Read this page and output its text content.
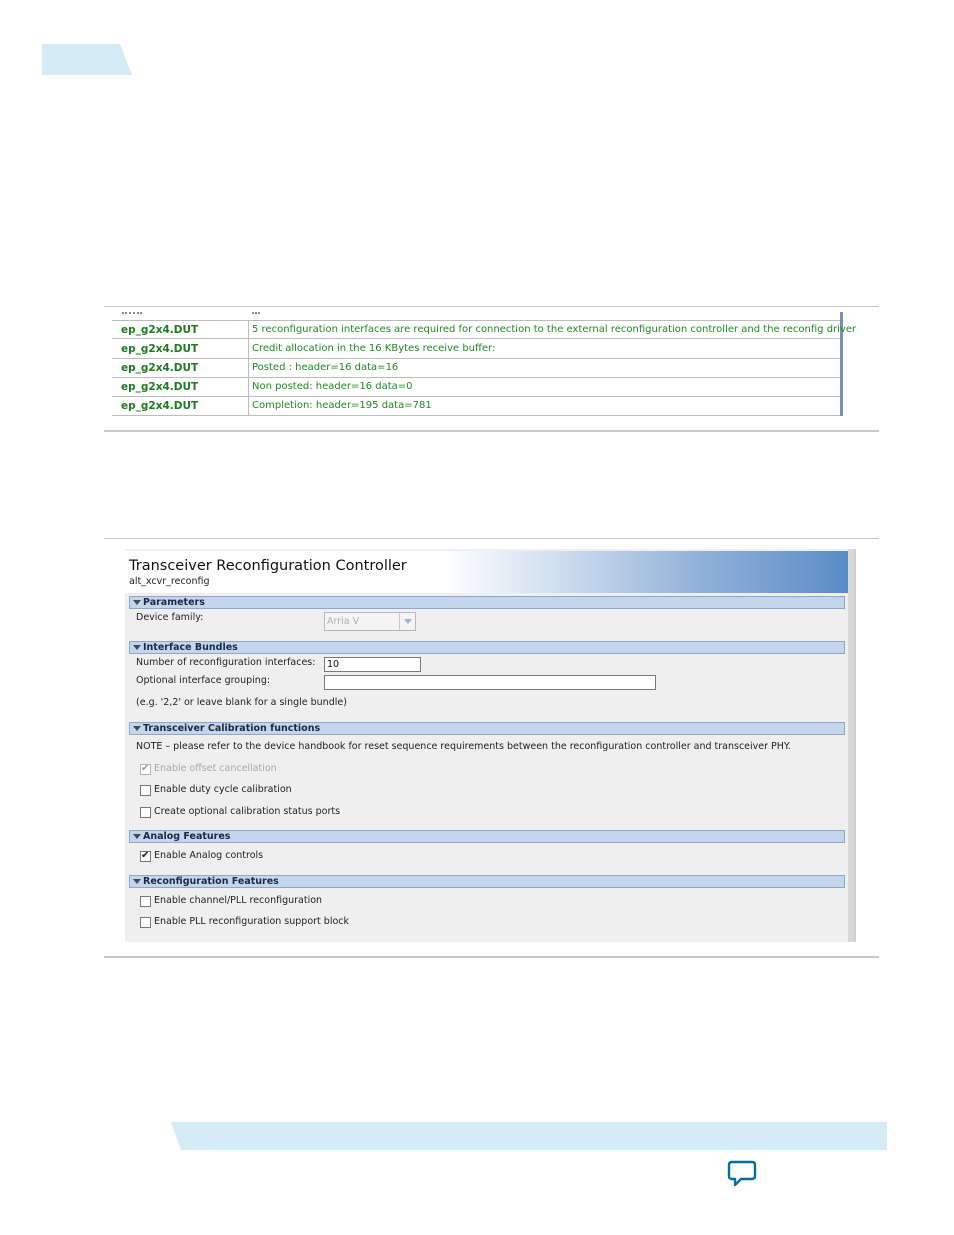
ep_g2x4.DUT	5 reconfiguration interfaces are required for connection to the external reconfiguration controller and the reconfig driver
ep_g2x4.DUT	Credit allocation in the 16 KBytes receive buffer:
ep_g2x4.DUT	Posted : header=16 data=16
ep_g2x4.DUT	Non posted: header=16 data=0
ep_g2x4.DUT	Completion: header=195 data=781
Transceiver Reconfiguration Controller
alt_xcvr_reconfig
Parameters
Device family:	Arria V
Interface Bundles
Number of reconfiguration interfaces:	10
Optional interface grouping:
(e.g. '2,2' or leave blank for a single bundle)
Transceiver Calibration functions
NOTE – please refer to the device handbook for reset sequence requirements between the reconfiguration controller and transceiver PHY.
✔ Enable offset cancellation
Enable duty cycle calibration
Create optional calibration status ports
Analog Features
✔ Enable Analog controls
Reconfiguration Features
Enable channel/PLL reconfiguration
Enable PLL reconfiguration support block
